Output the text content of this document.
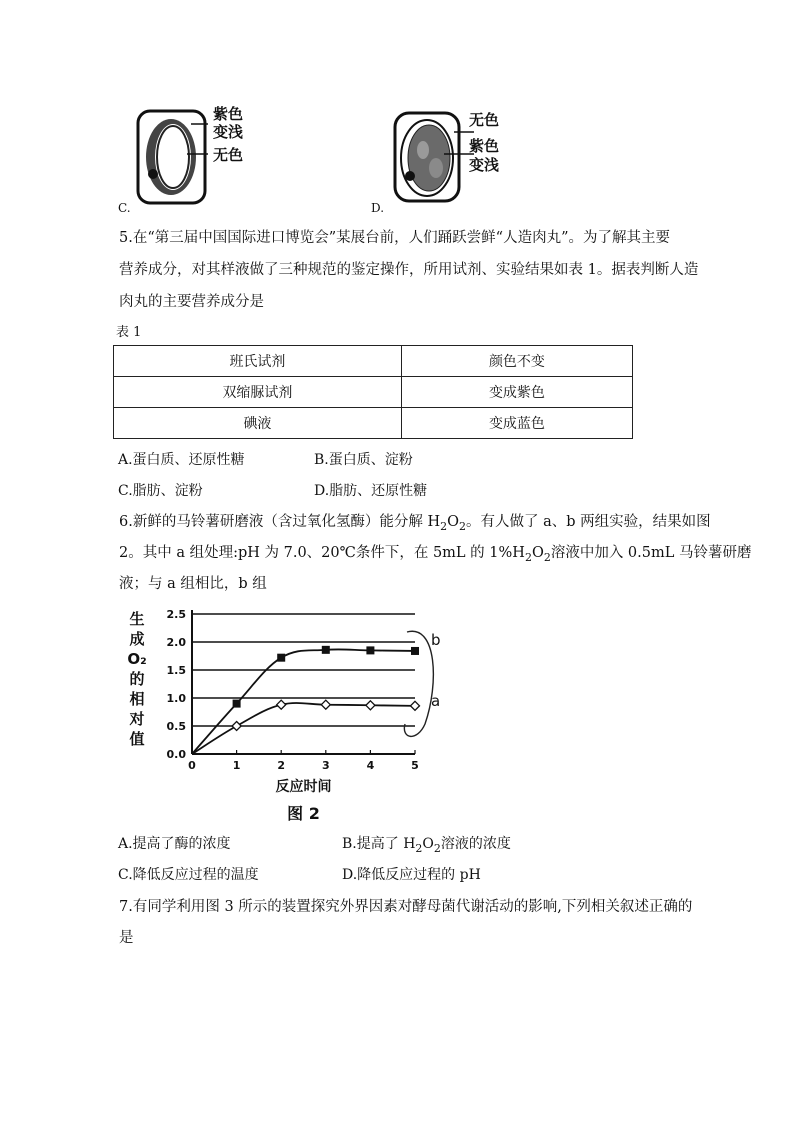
紫色
变浅
无色
C.
无色
紫色
变浅
D.
5.在“第三届中国国际进口博览会”某展台前，人们踊跃尝鲜“人造肉丸”。为了解其主要
营养成分，对其样液做了三种规范的鉴定操作，所用试剂、实验结果如表 1。据表判断人造
肉丸的主要营养成分是
表 1
班氏试剂	颜色不变
双缩脲试剂	变成紫色
碘液	变成蓝色
A.蛋白质、还原性糖	B.蛋白质、淀粉
C.脂肪、淀粉	D.脂肪、还原性糖
6.新鲜的马铃薯研磨液（含过氧化氢酶）能分解 $H_2O_2$。有人做了 a、b 两组实验，结果如图
2。其中 a 组处理:pH 为 7.0、20℃条件下，在 5mL 的 $1\%H_2O_2$溶液中加入 0.5mL 马铃薯研磨
液；与 a 组相比，b 组
生
成
O₂
的
相
对
值
0.0
0.5
1.0
1.5
2.0
2.5
0	1	2	3	4	5
反应时间
图 2
b
a
A.提高了酶的浓度	B.提高了 $H_2O_2$溶液的浓度
C.降低反应过程的温度	D.降低反应过程的 pH
7.有同学利用图 3 所示的装置探究外界因素对酵母菌代谢活动的影响,下列相关叙述正确的
是
